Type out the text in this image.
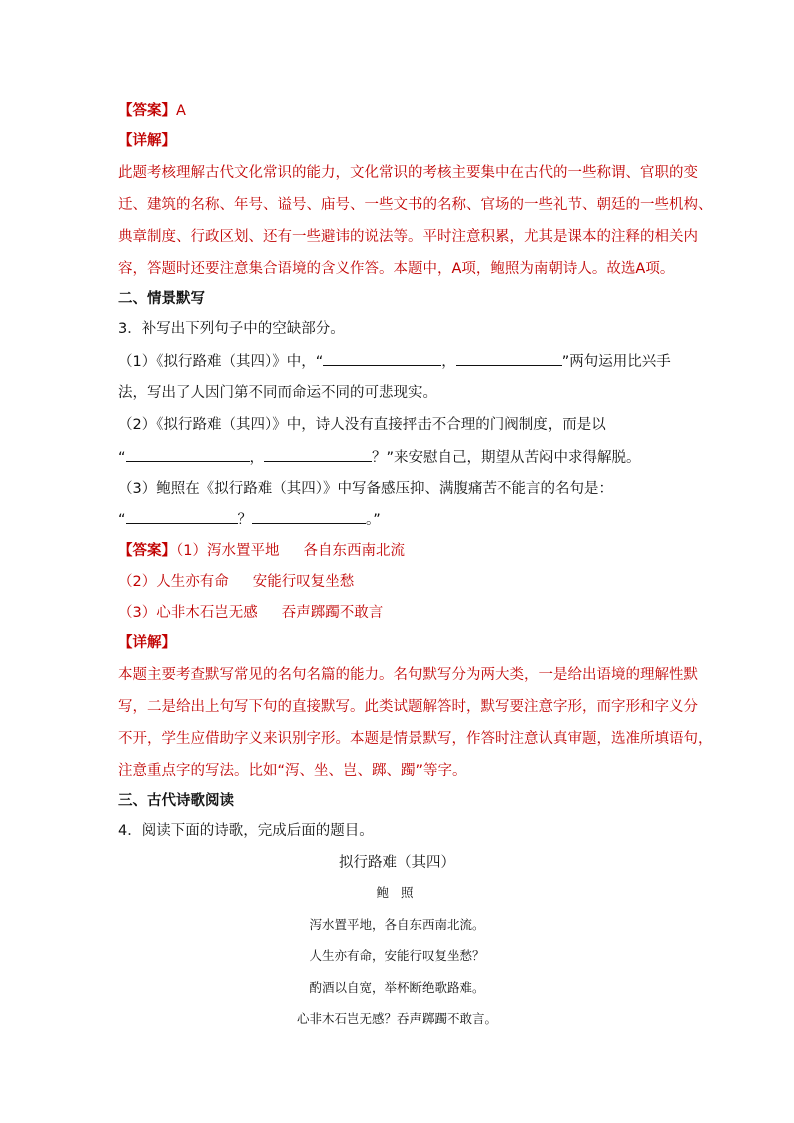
【答案】A
【详解】
此题考核理解古代文化常识的能力，文化常识的考核主要集中在古代的一些称谓、官职的变
迁、建筑的名称、年号、谥号、庙号、一些文书的名称、官场的一些礼节、朝廷的一些机构、
典章制度、行政区划、还有一些避讳的说法等。平时注意积累，尤其是课本的注释的相关内
容，答题时还要注意集合语境的含义作答。本题中，A项，鲍照为南朝诗人。故选A项。
二、情景默写
3．补写出下列句子中的空缺部分。
（1）《拟行路难（其四）》中，“	，	”两句运用比兴手
法，写出了人因门第不同而命运不同的可悲现实。
（2）《拟行路难（其四）》中，诗人没有直接抨击不合理的门阀制度，而是以
“	，	？”来安慰自己，期望从苦闷中求得解脱。
（3）鲍照在《拟行路难（其四）》中写备感压抑、满腹痛苦不能言的名句是：
“	？	。”
【答案】（1）泻水置平地 各自东西南北流
（2）人生亦有命 安能行叹复坐愁
（3）心非木石岂无感 吞声踯躅不敢言
【详解】
本题主要考查默写常见的名句名篇的能力。名句默写分为两大类，一是给出语境的理解性默
写，二是给出上句写下句的直接默写。此类试题解答时，默写要注意字形，而字形和字义分
不开，学生应借助字义来识别字形。本题是情景默写，作答时注意认真审题，选准所填语句，
注意重点字的写法。比如“泻、坐、岂、踯、躅”等字。
三、古代诗歌阅读
4．阅读下面的诗歌，完成后面的题目。
拟行路难（其四）
鲍 照
泻水置平地，各自东西南北流。
人生亦有命，安能行叹复坐愁？
酌酒以自宽，举杯断绝歌路难。
心非木石岂无感？吞声踯躅不敢言。
